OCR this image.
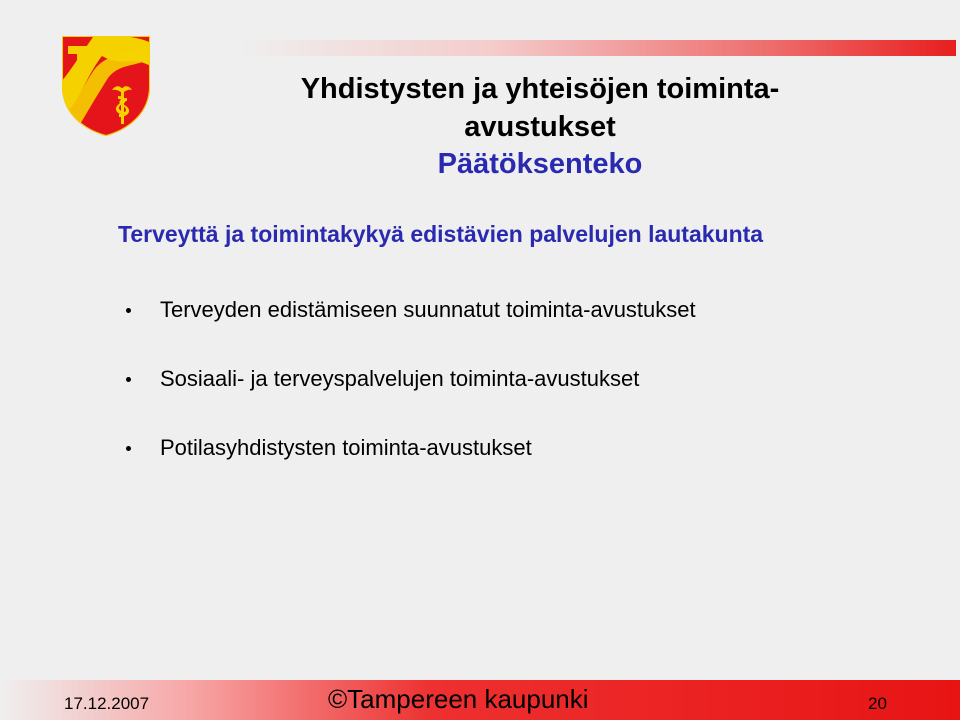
Yhdistysten ja yhteisöjen toiminta-
avustukset
Päätöksenteko
Terveyttä ja toimintakykyä edistävien palvelujen lautakunta
Terveyden edistämiseen suunnatut toiminta-avustukset
Sosiaali- ja terveyspalvelujen toiminta-avustukset
Potilasyhdistysten toiminta-avustukset
17.12.2007	©Tampereen kaupunki	20
